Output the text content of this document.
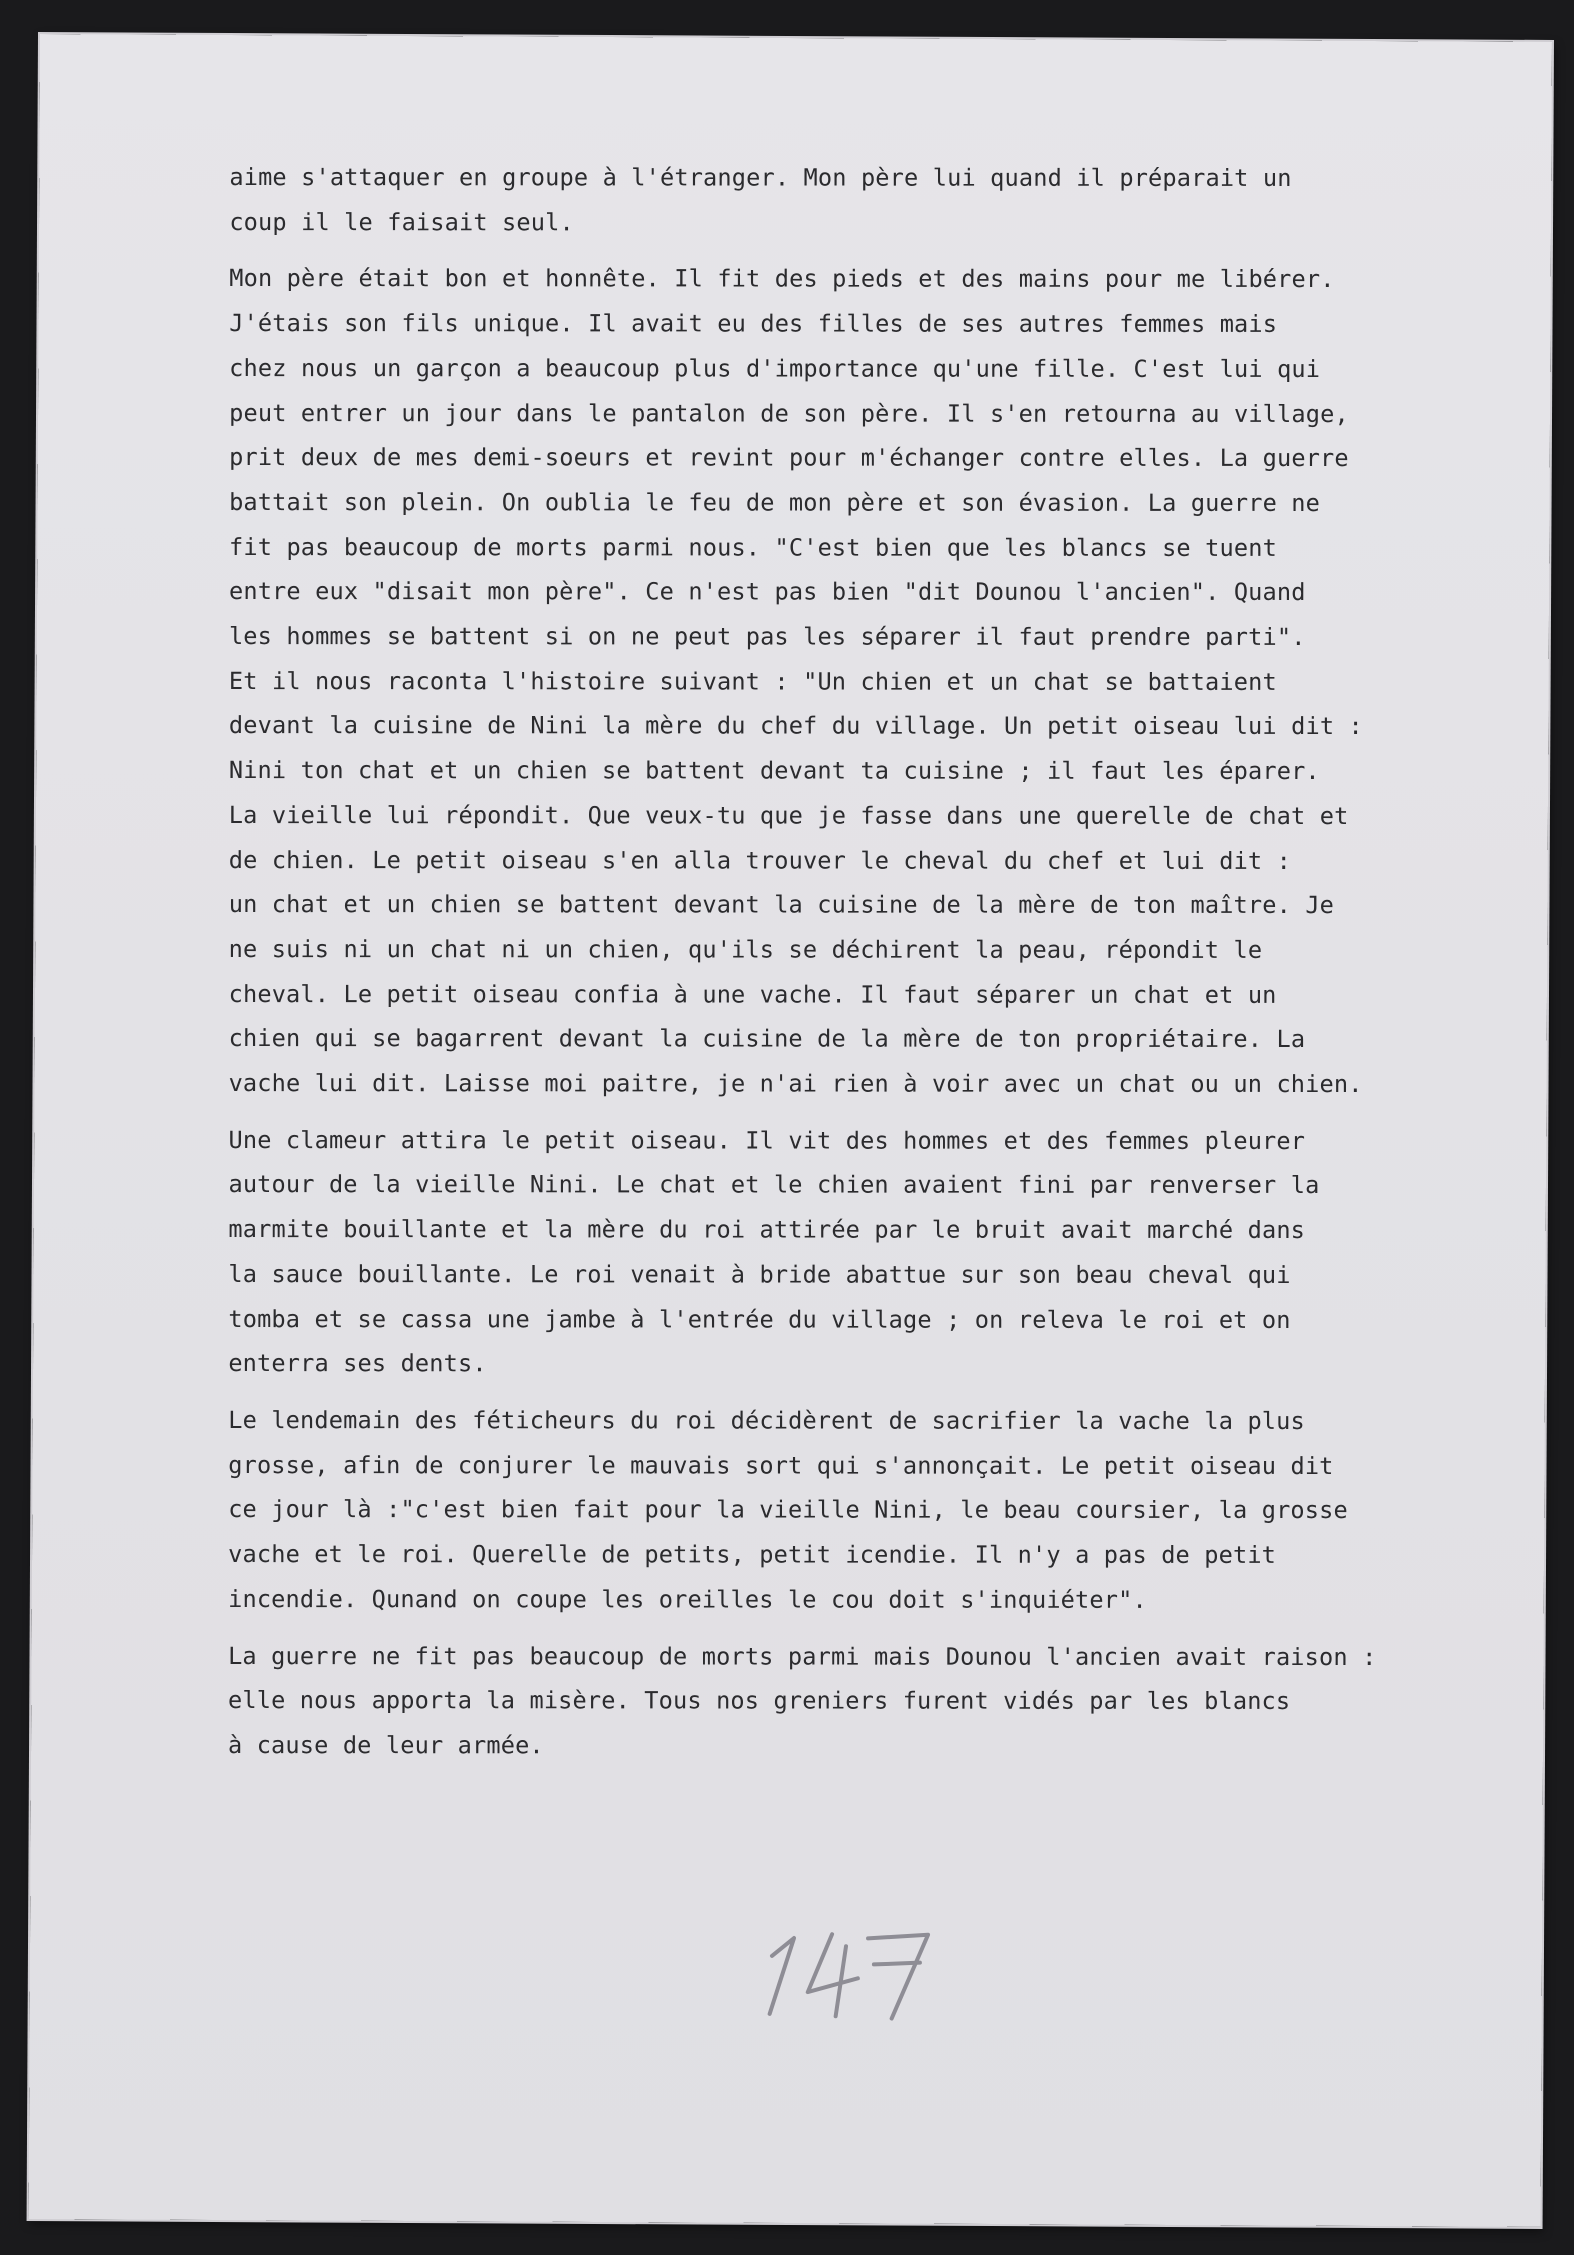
aime s'attaquer en groupe à l'étranger. Mon père lui quand il préparait un
coup il le faisait seul.
Mon père était bon et honnête. Il fit des pieds et des mains pour me libérer.
J'étais son fils unique. Il avait eu des filles de ses autres femmes mais
chez nous un garçon a beaucoup plus d'importance qu'une fille. C'est lui qui
peut entrer un jour dans le pantalon de son père. Il s'en retourna au village,
prit deux de mes demi-soeurs et revint pour m'échanger contre elles. La guerre
battait son plein. On oublia le feu de mon père et son évasion. La guerre ne
fit pas beaucoup de morts parmi nous. "C'est bien que les blancs se tuent
entre eux "disait mon père". Ce n'est pas bien "dit Dounou l'ancien". Quand
les hommes se battent si on ne peut pas les séparer il faut prendre parti".
Et il nous raconta l'histoire suivant : "Un chien et un chat se battaient
devant la cuisine de Nini la mère du chef du village. Un petit oiseau lui dit :
Nini ton chat et un chien se battent devant ta cuisine ; il faut les éparer.
La vieille lui répondit. Que veux-tu que je fasse dans une querelle de chat et
de chien. Le petit oiseau s'en alla trouver le cheval du chef et lui dit :
un chat et un chien se battent devant la cuisine de la mère de ton maître. Je
ne suis ni un chat ni un chien, qu'ils se déchirent la peau, répondit le
cheval. Le petit oiseau confia à une vache. Il faut séparer un chat et un
chien qui se bagarrent devant la cuisine de la mère de ton propriétaire. La
vache lui dit. Laisse moi paitre, je n'ai rien à voir avec un chat ou un chien.
Une clameur attira le petit oiseau. Il vit des hommes et des femmes pleurer
autour de la vieille Nini. Le chat et le chien avaient fini par renverser la
marmite bouillante et la mère du roi attirée par le bruit avait marché dans
la sauce bouillante. Le roi venait à bride abattue sur son beau cheval qui
tomba et se cassa une jambe à l'entrée du village ; on releva le roi et on
enterra ses dents.
Le lendemain des féticheurs du roi décidèrent de sacrifier la vache la plus
grosse, afin de conjurer le mauvais sort qui s'annonçait. Le petit oiseau dit
ce jour là :"c'est bien fait pour la vieille Nini, le beau coursier, la grosse
vache et le roi. Querelle de petits, petit icendie. Il n'y a pas de petit
incendie. Qunand on coupe les oreilles le cou doit s'inquiéter".
La guerre ne fit pas beaucoup de morts parmi mais Dounou l'ancien avait raison :
elle nous apporta la misère. Tous nos greniers furent vidés par les blancs
à cause de leur armée.
